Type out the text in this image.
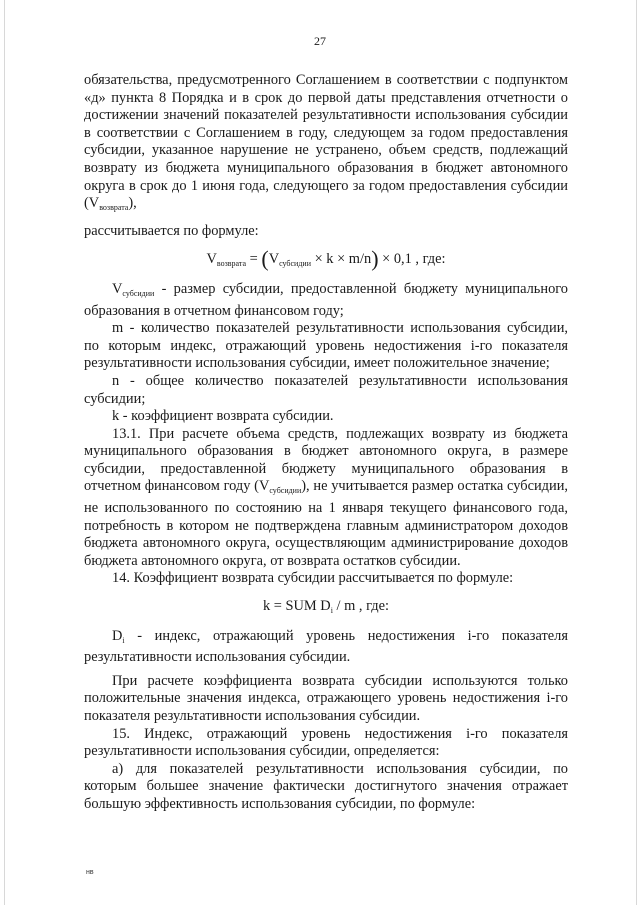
27

обязательства, предусмотренного Соглашением в соответствии с подпунктом «д» пункта 8 Порядка и в срок до первой даты представления отчетности о достижении значений показателей результативности использования субсидии в соответствии с Соглашением в году, следующем за годом предоставления субсидии, указанное нарушение не устранено, объем средств, подлежащий возврату из бюджета муниципального образования в бюджет автономного округа в срок до 1 июня года, следующего за годом предоставления субсидии $(V_{возврата})$,

рассчитывается по формуле:

$V_{возврата} = (V_{субсидии} \times k \times m/n) \times 0,1$ , где:

$V_{субсидии}$ - размер субсидии, предоставленной бюджету муниципального образования в отчетном финансовом году;

m - количество показателей результативности использования субсидии, по которым индекс, отражающий уровень недостижения i-го показателя результативности использования субсидии, имеет положительное значение;

n - общее количество показателей результативности использования субсидии;

k - коэффициент возврата субсидии.

13.1. При расчете объема средств, подлежащих возврату из бюджета муниципального образования в бюджет автономного округа, в размере субсидии, предоставленной бюджету муниципального образования в отчетном финансовом году $(V_{субсидии})$, не учитывается размер остатка субсидии, не использованного по состоянию на 1 января текущего финансового года, потребность в котором не подтверждена главным администратором доходов бюджета автономного округа, осуществляющим администрирование доходов бюджета автономного округа, от возврата остатков субсидии.

14. Коэффициент возврата субсидии рассчитывается по формуле:

k = SUM $D_i$ / m , где:

$D_i$ - индекс, отражающий уровень недостижения i-го показателя результативности использования субсидии.

При расчете коэффициента возврата субсидии используются только положительные значения индекса, отражающего уровень недостижения i-го показателя результативности использования субсидии.

15. Индекс, отражающий уровень недостижения i-го показателя результативности использования субсидии, определяется:

а) для показателей результативности использования субсидии, по которым большее значение фактически достигнутого значения отражает большую эффективность использования субсидии, по формуле:

нв
